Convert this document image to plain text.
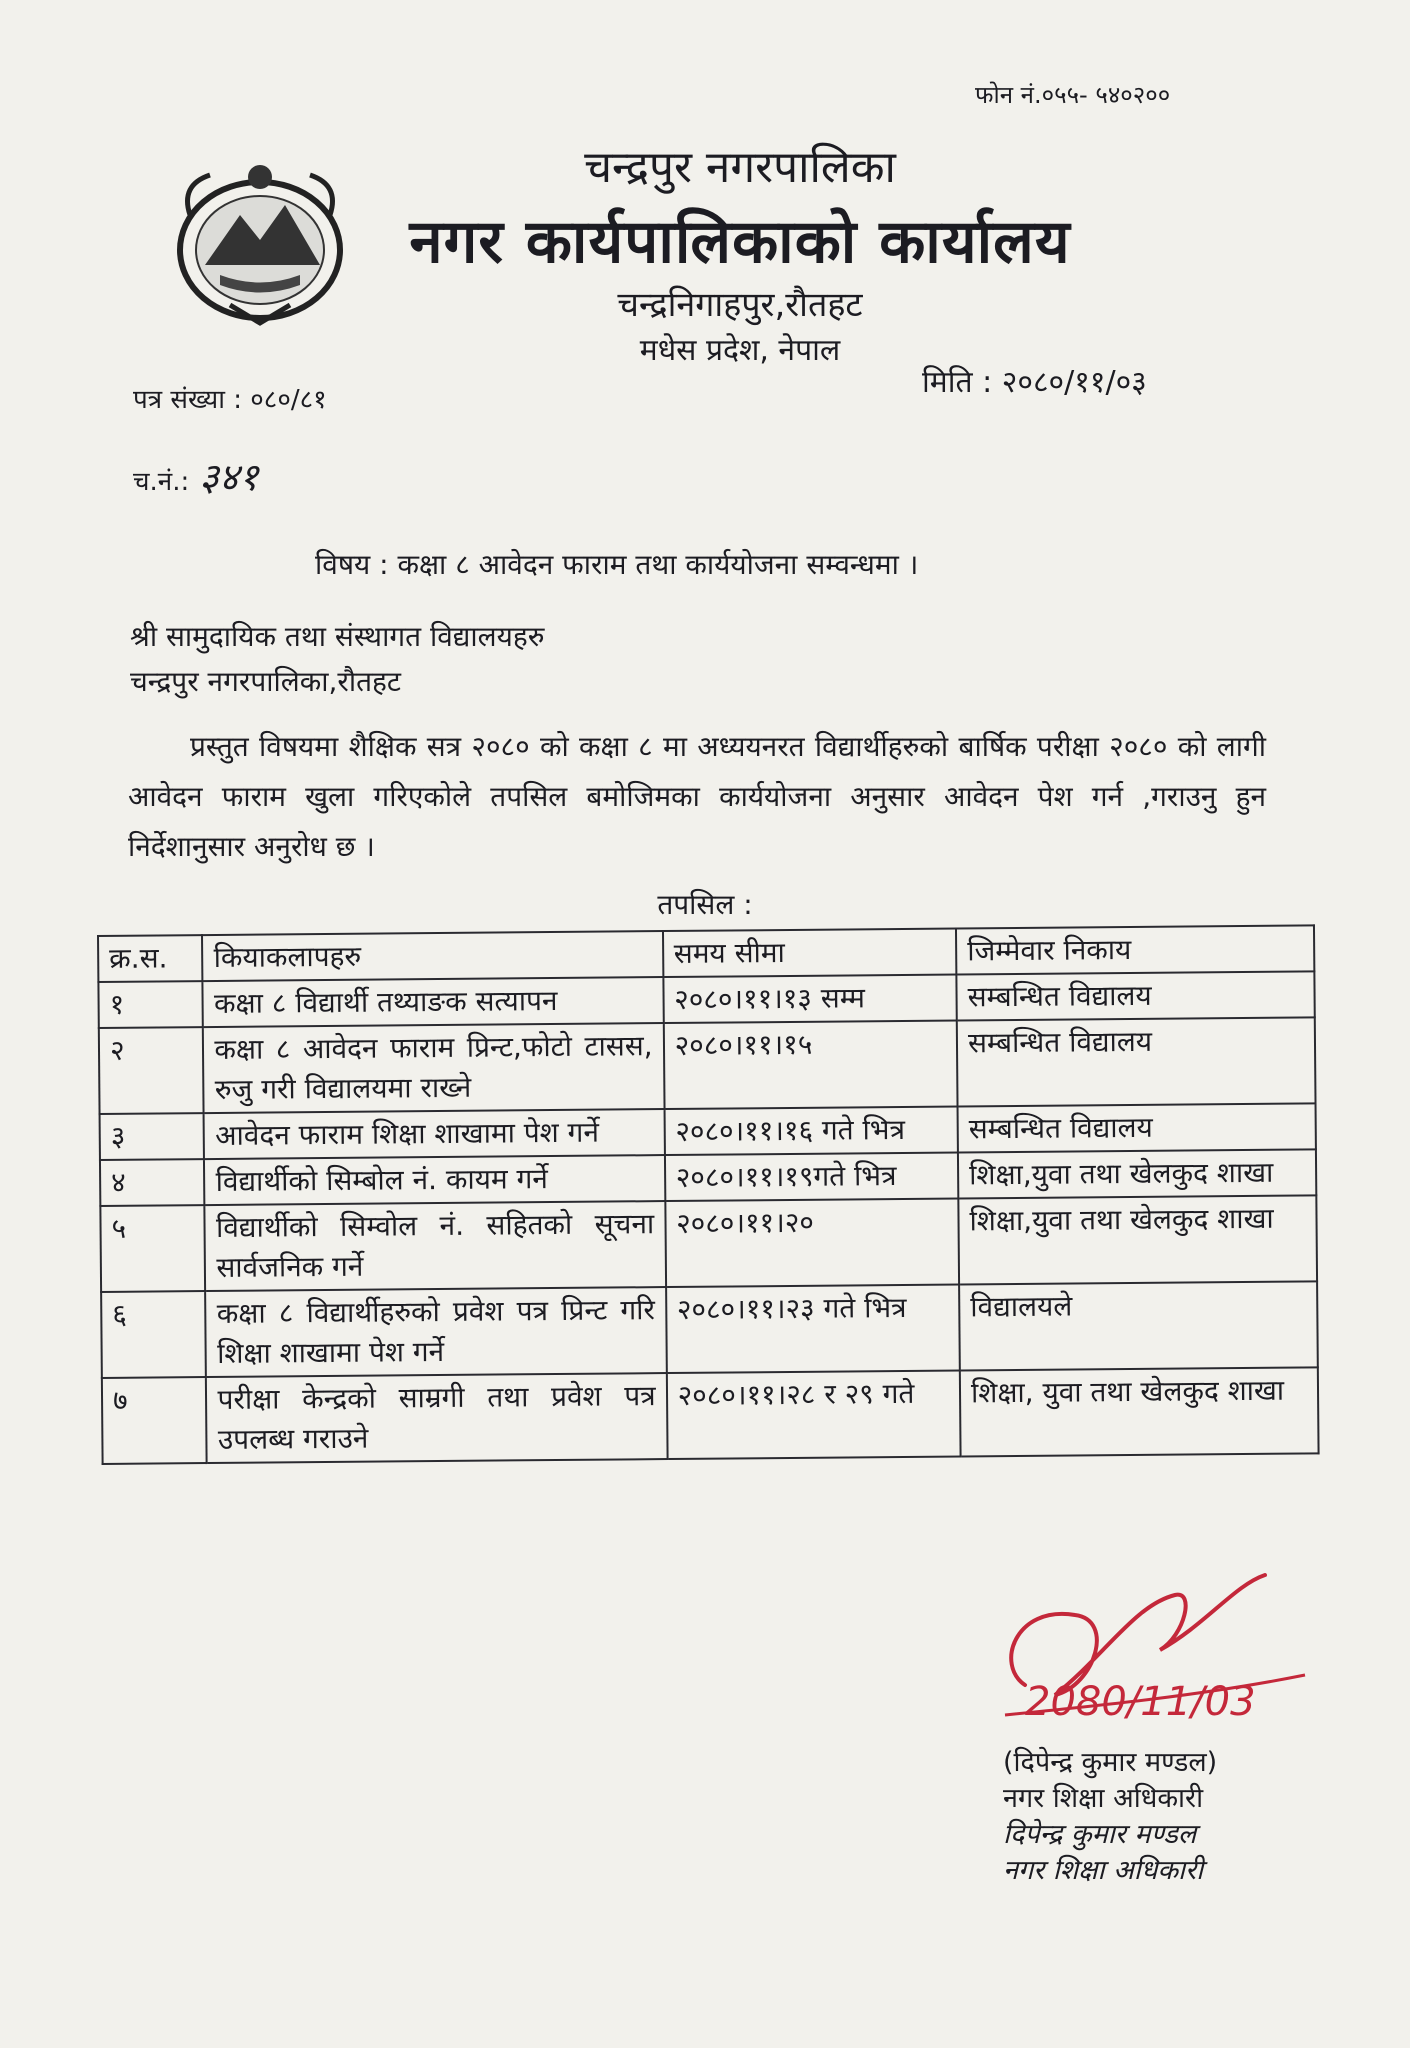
फोन नं.०५५- ५४०२००
चन्द्रपुर नगरपालिका
नगर कार्यपालिकाको कार्यालय
चन्द्रनिगाहपुर,रौतहट
मधेस प्रदेश, नेपाल
पत्र संख्या : ०८०/८१	मिति : २०८०/११/०३
च.नं.: ३४१
विषय : कक्षा ८ आवेदन फाराम तथा कार्ययोजना सम्वन्धमा ।
श्री सामुदायिक तथा संस्थागत विद्यालयहरु
चन्द्रपुर नगरपालिका,रौतहट
प्रस्तुत विषयमा शैक्षिक सत्र २०८० को कक्षा ८ मा अध्ययनरत विद्यार्थीहरुको बार्षिक परीक्षा २०८० को लागी आवेदन फाराम खुला गरिएकोले तपसिल बमोजिमका कार्ययोजना अनुसार आवेदन पेश गर्न ,गराउनु हुन निर्देशानुसार अनुरोध छ ।
तपसिल :
क्र.स.	कियाकलापहरु	समय सीमा	जिम्मेवार निकाय
१	कक्षा ८ विद्यार्थी तथ्याङक सत्यापन	२०८०।११।१३ सम्म	सम्बन्धित विद्यालय
२	कक्षा ८ आवेदन फाराम प्रिन्ट,फोटो टासस, रुजु गरी विद्यालयमा राख्ने	२०८०।११।१५	सम्बन्धित विद्यालय
३	आवेदन फाराम शिक्षा शाखामा पेश गर्ने	२०८०।११।१६ गते भित्र	सम्बन्धित विद्यालय
४	विद्यार्थीको सिम्बोल नं. कायम गर्ने	२०८०।११।१९गते भित्र	शिक्षा,युवा तथा खेलकुद शाखा
५	विद्यार्थीको सिम्वोल नं. सहितको सूचना सार्वजनिक गर्ने	२०८०।११।२०	शिक्षा,युवा तथा खेलकुद शाखा
६	कक्षा ८ विद्यार्थीहरुको प्रवेश पत्र प्रिन्ट गरि शिक्षा शाखामा पेश गर्ने	२०८०।११।२३ गते भित्र	विद्यालयले
७	परीक्षा केन्द्रको साम्रगी तथा प्रवेश पत्र उपलब्ध गराउने	२०८०।११।२८ र २९ गते	शिक्षा, युवा तथा खेलकुद शाखा
2080/11/03
(दिपेन्द्र कुमार मण्डल)
नगर शिक्षा अधिकारी
दिपेन्द्र कुमार मण्डल
नगर शिक्षा अधिकारी
